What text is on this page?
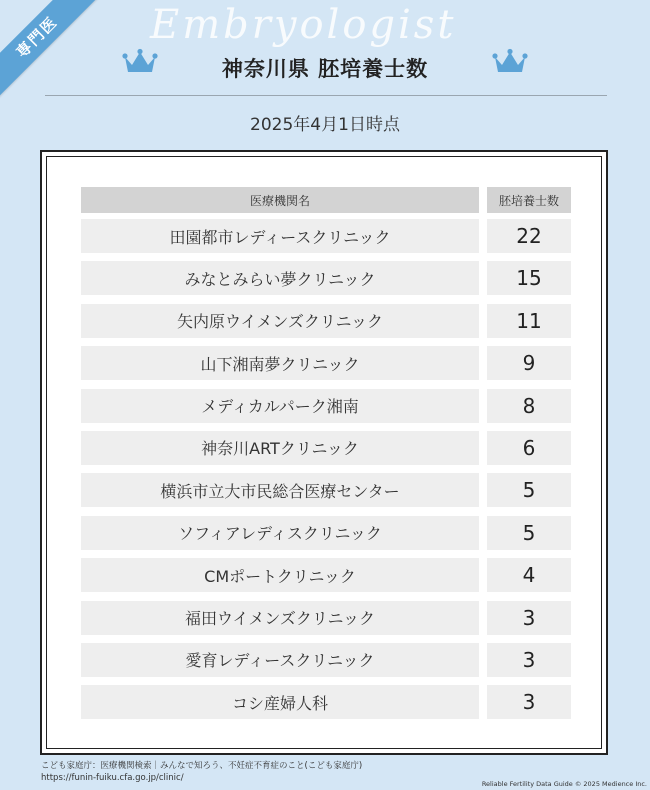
専門医	Embryologist
神奈川県 胚培養士数
2025年4月1日時点
医療機関名	胚培養士数
田園都市レディースクリニック	22
みなとみらい夢クリニック	15
矢内原ウイメンズクリニック	11
山下湘南夢クリニック	9
メディカルパーク湘南	8
神奈川ARTクリニック	6
横浜市立大市民総合医療センター	5
ソフィアレディスクリニック	5
CMポートクリニック	4
福田ウイメンズクリニック	3
愛育レディースクリニック	3
コシ産婦人科	3
こども家庭庁：医療機関検索｜みんなで知ろう、不妊症不育症のこと(こども家庭庁)
https://funin-fuiku.cfa.go.jp/clinic/
Reliable Fertility Data Guide © 2025 Medience Inc.
